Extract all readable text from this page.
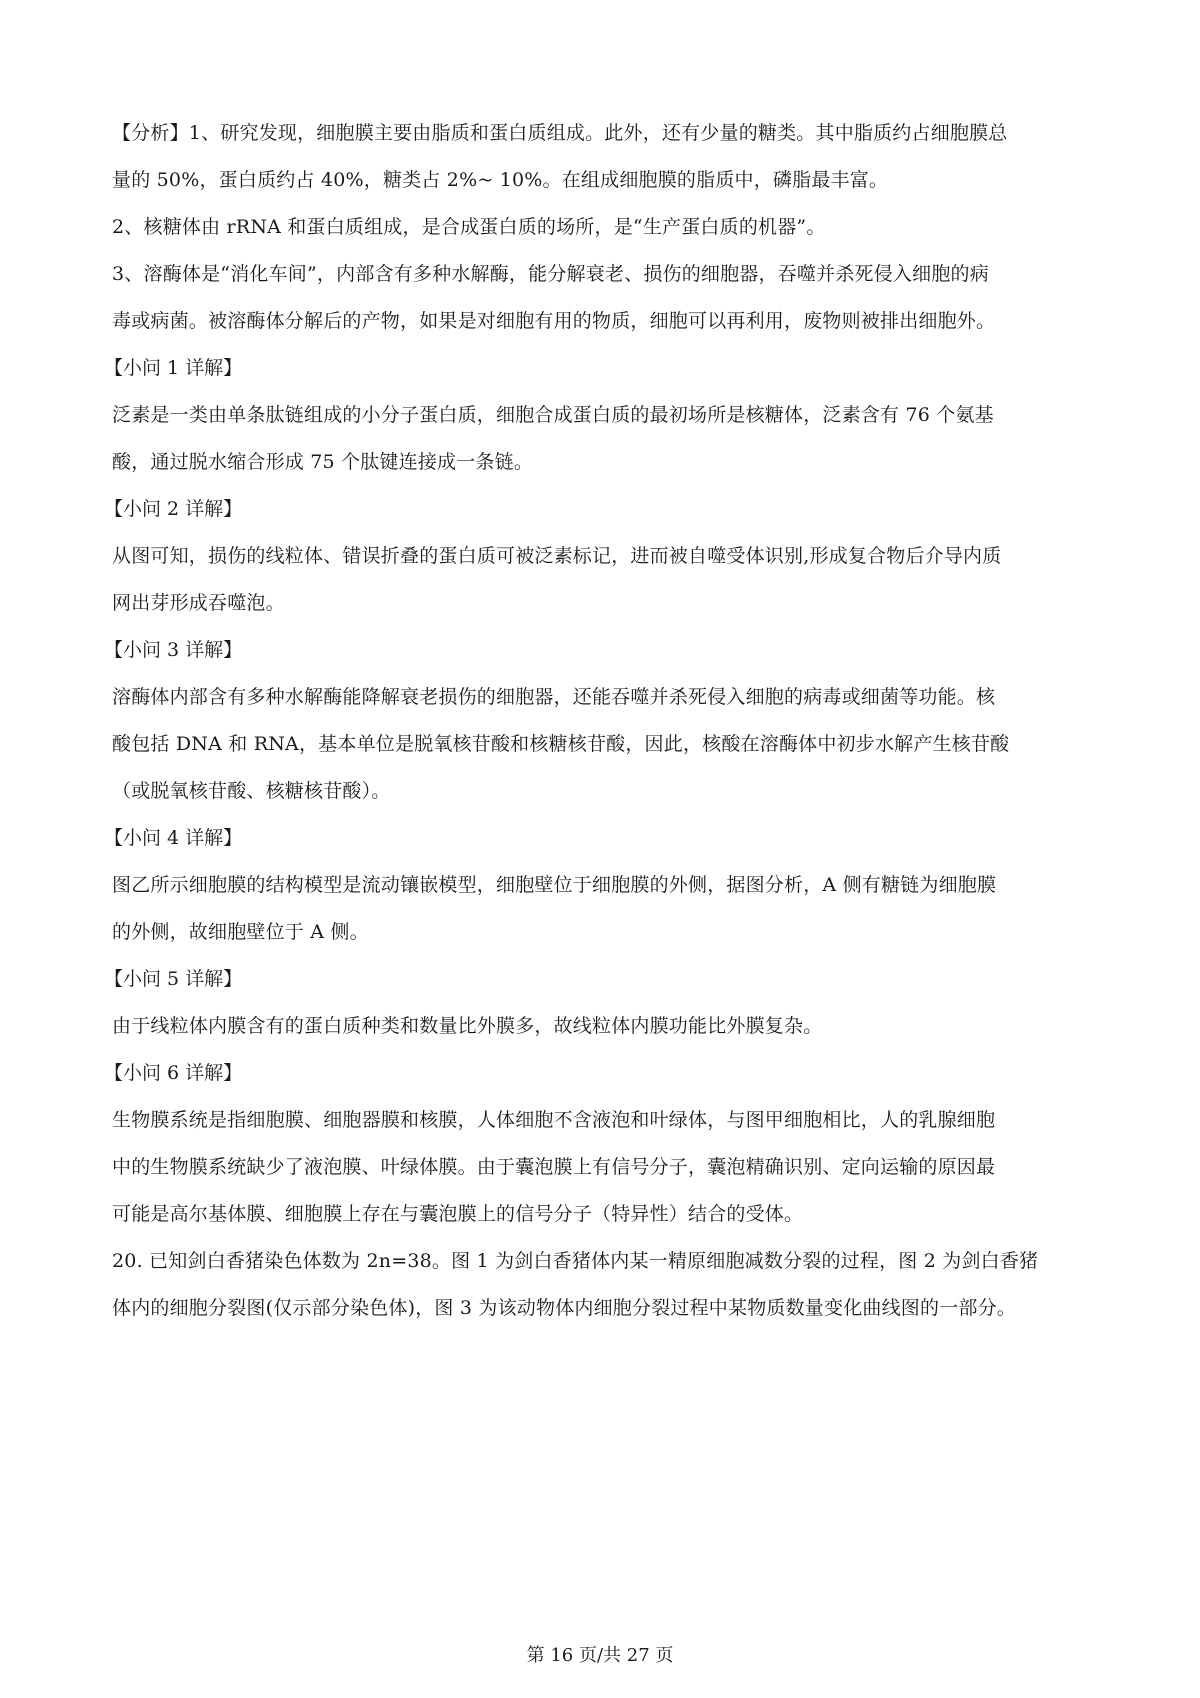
【分析】1、研究发现，细胞膜主要由脂质和蛋白质组成。此外，还有少量的糖类。其中脂质约占细胞膜总
量的 50%，蛋白质约占 40%，糖类占 2%~ 10%。在组成细胞膜的脂质中，磷脂最丰富。
2、核糖体由 rRNA 和蛋白质组成，是合成蛋白质的场所，是“生产蛋白质的机器”。
3、溶酶体是“消化车间”，内部含有多种水解酶，能分解衰老、损伤的细胞器，吞噬并杀死侵入细胞的病
毒或病菌。被溶酶体分解后的产物，如果是对细胞有用的物质，细胞可以再利用，废物则被排出细胞外。
【小问 1 详解】
泛素是一类由单条肽链组成的小分子蛋白质，细胞合成蛋白质的最初场所是核糖体，泛素含有 76 个氨基
酸，通过脱水缩合形成 75 个肽键连接成一条链。
【小问 2 详解】
从图可知，损伤的线粒体、错误折叠的蛋白质可被泛素标记，进而被自噬受体识别,形成复合物后介导内质
网出芽形成吞噬泡。
【小问 3 详解】
溶酶体内部含有多种水解酶能降解衰老损伤的细胞器，还能吞噬并杀死侵入细胞的病毒或细菌等功能。核
酸包括 DNA 和 RNA，基本单位是脱氧核苷酸和核糖核苷酸，因此，核酸在溶酶体中初步水解产生核苷酸
（或脱氧核苷酸、核糖核苷酸）。
【小问 4 详解】
图乙所示细胞膜的结构模型是流动镶嵌模型，细胞壁位于细胞膜的外侧，据图分析，A 侧有糖链为细胞膜
的外侧，故细胞壁位于 A 侧。
【小问 5 详解】
由于线粒体内膜含有的蛋白质种类和数量比外膜多，故线粒体内膜功能比外膜复杂。
【小问 6 详解】
生物膜系统是指细胞膜、细胞器膜和核膜，人体细胞不含液泡和叶绿体，与图甲细胞相比，人的乳腺细胞
中的生物膜系统缺少了液泡膜、叶绿体膜。由于囊泡膜上有信号分子，囊泡精确识别、定向运输的原因最
可能是高尔基体膜、细胞膜上存在与囊泡膜上的信号分子（特异性）结合的受体。
20. 已知剑白香猪染色体数为 2n=38。图 1 为剑白香猪体内某一精原细胞减数分裂的过程，图 2 为剑白香猪
体内的细胞分裂图(仅示部分染色体)，图 3 为该动物体内细胞分裂过程中某物质数量变化曲线图的一部分。
第 16 页/共 27 页
